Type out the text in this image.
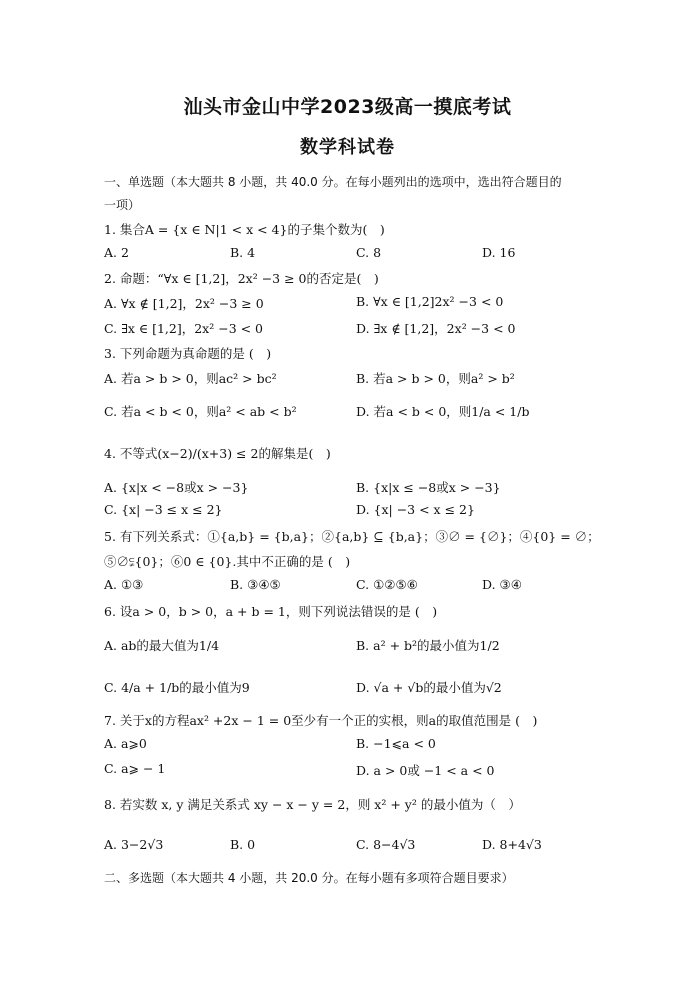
汕头市金山中学2023级高一摸底考试
数学科试卷
一、单选题（本大题共 8 小题，共 40.0 分。在每小题列出的选项中，选出符合题目的
一项）
1. 集合A = {x ∈ N|1 < x < 4}的子集个数为(　)
A. 2	B. 4	C. 8	D. 16
2. 命题：“∀x ∈ [1,2]，2x² −3 ≥ 0的否定是(　)
A. ∀x ∉ [1,2]，2x² −3 ≥ 0	B. ∀x ∈ [1,2]2x² −3 < 0
C. ∃x ∈ [1,2]，2x² −3 < 0	D. ∃x ∉ [1,2]，2x² −3 < 0
3. 下列命题为真命题的是 (　)
A. 若a > b > 0，则ac² > bc²	B. 若a > b > 0，则a² > b²
C. 若a < b < 0，则a² < ab < b²	D. 若a < b < 0，则1/a < 1/b
4. 不等式(x−2)/(x+3) ≤ 2的解集是(　)
A. {x|x < −8或x > −3}	B. {x|x ≤ −8或x > −3}
C. {x| −3 ≤ x ≤ 2}	D. {x| −3 < x ≤ 2}
5. 有下列关系式：①{a,b} = {b,a}；②{a,b} ⊆ {b,a}；③∅ = {∅}；④{0} = ∅；
⑤∅⫋{0}；⑥0 ∈ {0}.其中不正确的是 (　)
A. ①③	B. ③④⑤	C. ①②⑤⑥	D. ③④
6. 设a > 0，b > 0，a + b = 1，则下列说法错误的是 (　)
A. ab的最大值为1/4	B. a² + b²的最小值为1/2
C. 4/a + 1/b的最小值为9	D. √a + √b的最小值为√2
7. 关于x的方程ax² +2x − 1 = 0至少有一个正的实根，则a的取值范围是 (　)
A. a⩾0	B. −1⩽a < 0
C. a⩾ − 1	D. a > 0或 −1 < a < 0
8. 若实数 x, y 满足关系式 xy − x − y = 2，则 x² + y² 的最小值为（　）
A. 3−2√3	B. 0	C. 8−4√3	D. 8+4√3
二、多选题（本大题共 4 小题，共 20.0 分。在每小题有多项符合题目要求）
